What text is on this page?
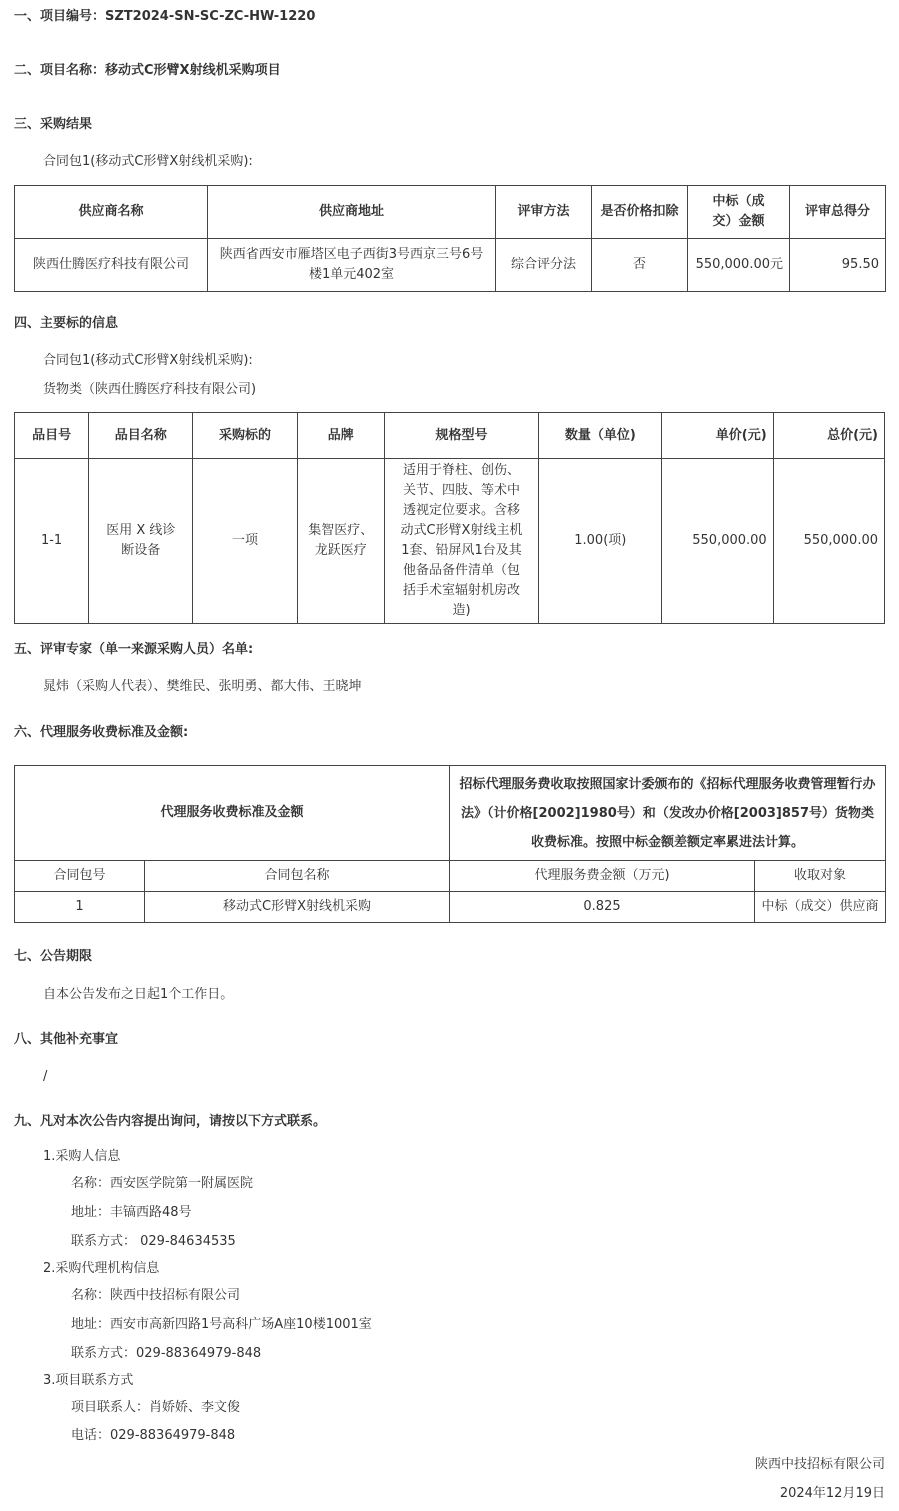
一、项目编号：SZT2024-SN-SC-ZC-HW-1220
二、项目名称：移动式C形臂X射线机采购项目
三、采购结果
合同包1(移动式C形臂X射线机采购):
供应商名称	供应商地址	评审方法	是否价格扣除	中标（成交）金额	评审总得分
陕西仕腾医疗科技有限公司	陕西省西安市雁塔区电子西街3号西京三号6号楼1单元402室	综合评分法	否	550,000.00元	95.50
四、主要标的信息
合同包1(移动式C形臂X射线机采购):
货物类（陕西仕腾医疗科技有限公司)
品目号	品目名称	采购标的	品牌	规格型号	数量（单位)	单价(元)	总价(元)
1-1	医用 X 线诊断设备	一项	集智医疗、龙跃医疗	适用于脊柱、创伤、关节、四肢、等术中透视定位要求。含移动式C形臂X射线主机1套、铅屏风1台及其他备品备件清单（包括手术室辐射机房改造)	1.00(项)	550,000.00	550,000.00
五、评审专家（单一来源采购人员）名单:
晁炜（采购人代表）、樊维民、张明勇、都大伟、王晓坤
六、代理服务收费标准及金额:
代理服务收费标准及金额		招标代理服务费收取按照国家计委颁布的《招标代理服务收费管理暂行办法》（计价格[2002]1980号）和（发改办价格[2003]857号）货物类收费标准。按照中标金额差额定率累进法计算。	
合同包号	合同包名称	代理服务费金额（万元)	收取对象
1	移动式C形臂X射线机采购	0.825	中标（成交）供应商
七、公告期限
自本公告发布之日起1个工作日。
八、其他补充事宜
/
九、凡对本次公告内容提出询问，请按以下方式联系。
1.采购人信息
名称：西安医学院第一附属医院
地址：丰镐西路48号
联系方式： 029-84634535
2.采购代理机构信息
名称：陕西中技招标有限公司
地址：西安市高新四路1号高科广场A座10楼1001室
联系方式：029-88364979-848
3.项目联系方式
项目联系人：肖娇娇、李文俊
电话：029-88364979-848
陕西中技招标有限公司
2024年12月19日
